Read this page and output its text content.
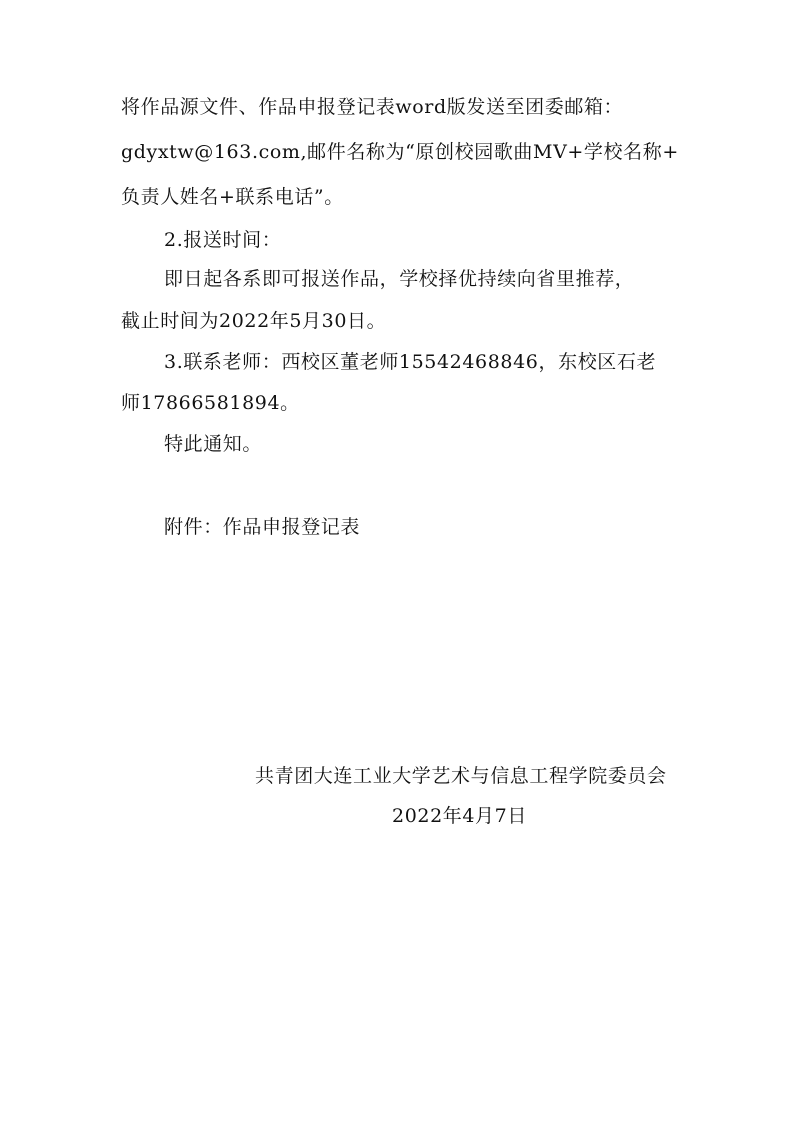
将作品源文件、作品申报登记表word版发送至团委邮箱：
gdyxtw@163.com,邮件名称为“原创校园歌曲MV+学校名称+
负责人姓名+联系电话”。
2.报送时间：
即日起各系即可报送作品，学校择优持续向省里推荐，
截止时间为2022年5月30日。
3.联系老师：西校区董老师15542468846，东校区石老
师17866581894。
特此通知。
附件：作品申报登记表
共青团大连工业大学艺术与信息工程学院委员会
2022年4月7日
